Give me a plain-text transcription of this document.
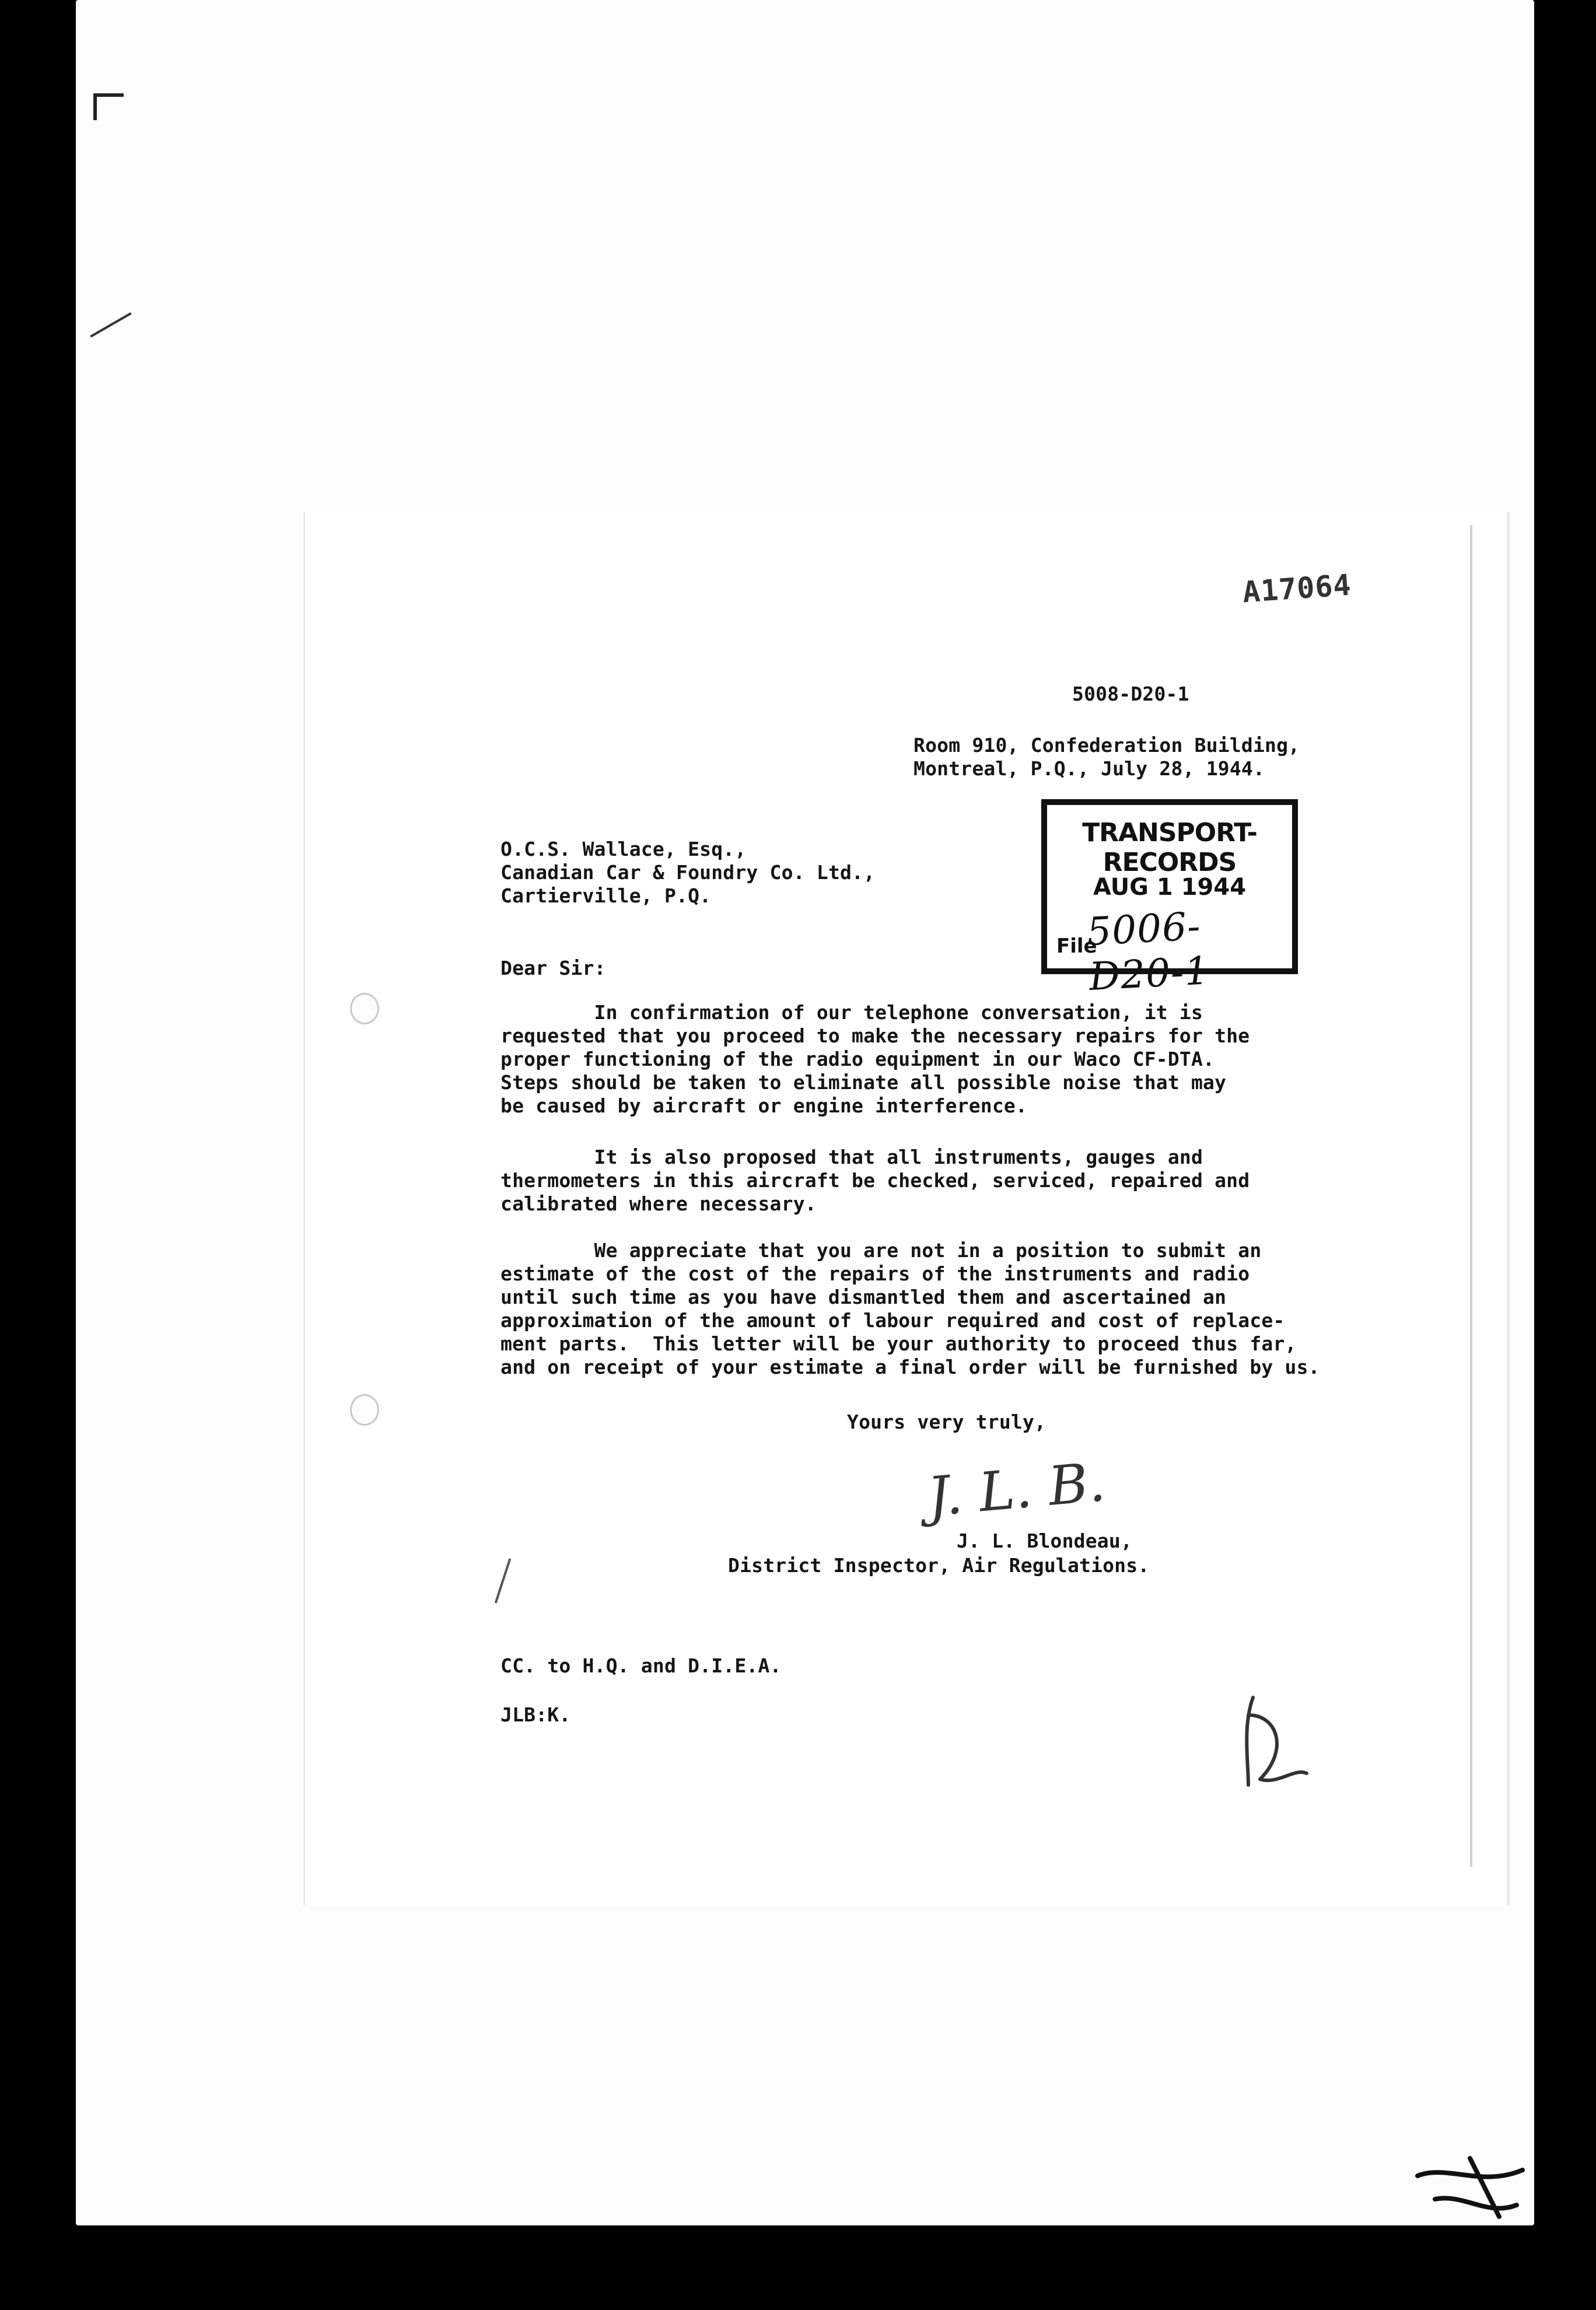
A17064
5008-D20-1
Room 910, Confederation Building,
Montreal, P.Q., July 28, 1944.
TRANSPORT-RECORDS
AUG 1 1944
File
5006-D20-1
O.C.S. Wallace, Esq.,
Canadian Car & Foundry Co. Ltd.,
Cartierville, P.Q.
Dear Sir:
In confirmation of our telephone conversation, it is
requested that you proceed to make the necessary repairs for the
proper functioning of the radio equipment in our Waco CF-DTA.
Steps should be taken to eliminate all possible noise that may
be caused by aircraft or engine interference.
It is also proposed that all instruments, gauges and
thermometers in this aircraft be checked, serviced, repaired and
calibrated where necessary.
We appreciate that you are not in a position to submit an
estimate of the cost of the repairs of the instruments and radio
until such time as you have dismantled them and ascertained an
approximation of the amount of labour required and cost of replace-
ment parts.  This letter will be your authority to proceed thus far,
and on receipt of your estimate a final order will be furnished by us.
Yours very truly,
J. L. B.
J. L. Blondeau,
District Inspector, Air Regulations.
CC. to H.Q. and D.I.E.A.
JLB:K.
